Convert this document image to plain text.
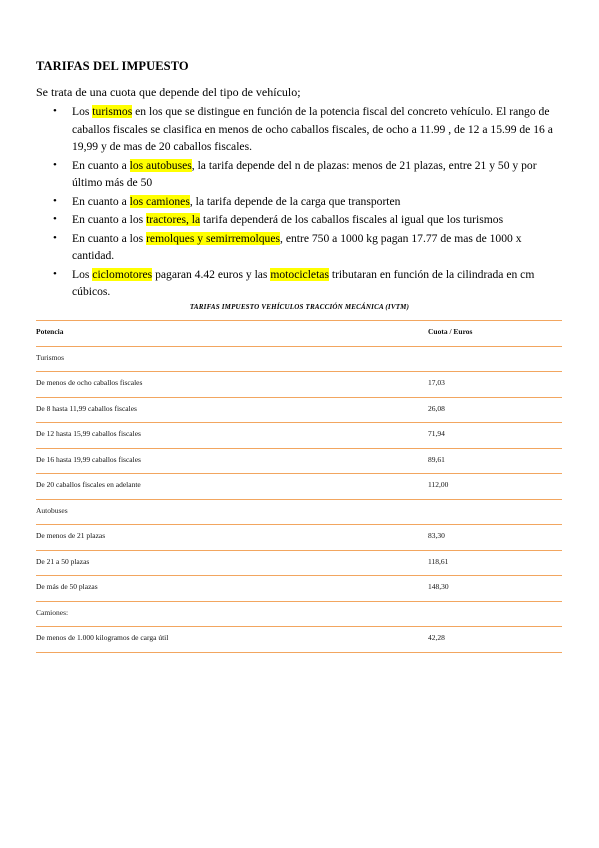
TARIFAS DEL IMPUESTO
Se trata de una cuota que depende del tipo de vehículo;
• Los turismos en los que se distingue en función de la potencia fiscal del concreto vehículo. El rango de caballos fiscales se clasifica en menos de ocho caballos fiscales, de ocho a 11.99 , de 12 a 15.99 de 16 a 19,99 y de mas de 20 caballos fiscales.
• En cuanto a los autobuses, la tarifa depende del n de plazas: menos de 21 plazas, entre 21 y 50 y por último más de 50
• En cuanto a los camiones, la tarifa depende de la carga que transporten
• En cuanto a los tractores, la tarifa dependerá de los caballos fiscales al igual que los turismos
• En cuanto a los remolques y semirremolques, entre 750 a 1000 kg pagan 17.77 de mas de 1000 x cantidad.
• Los ciclomotores pagaran 4.42 euros y las motocicletas tributaran en función de la cilindrada en cm cúbicos.
TARIFAS IMPUESTO VEHÍCULOS TRACCIÓN MECÁNICA (IVTM)
Potencia	Cuota / Euros
Turismos
De menos de ocho caballos fiscales	17,03
De 8 hasta 11,99 caballos fiscales	26,08
De 12 hasta 15,99 caballos fiscales	71,94
De 16 hasta 19,99 caballos fiscales	89,61
De 20 caballos fiscales en adelante	112,00
Autobuses
De menos de 21 plazas	83,30
De 21 a 50 plazas	118,61
De más de 50 plazas	148,30
Camiones:
De menos de 1.000 kilogramos de carga útil	42,28
